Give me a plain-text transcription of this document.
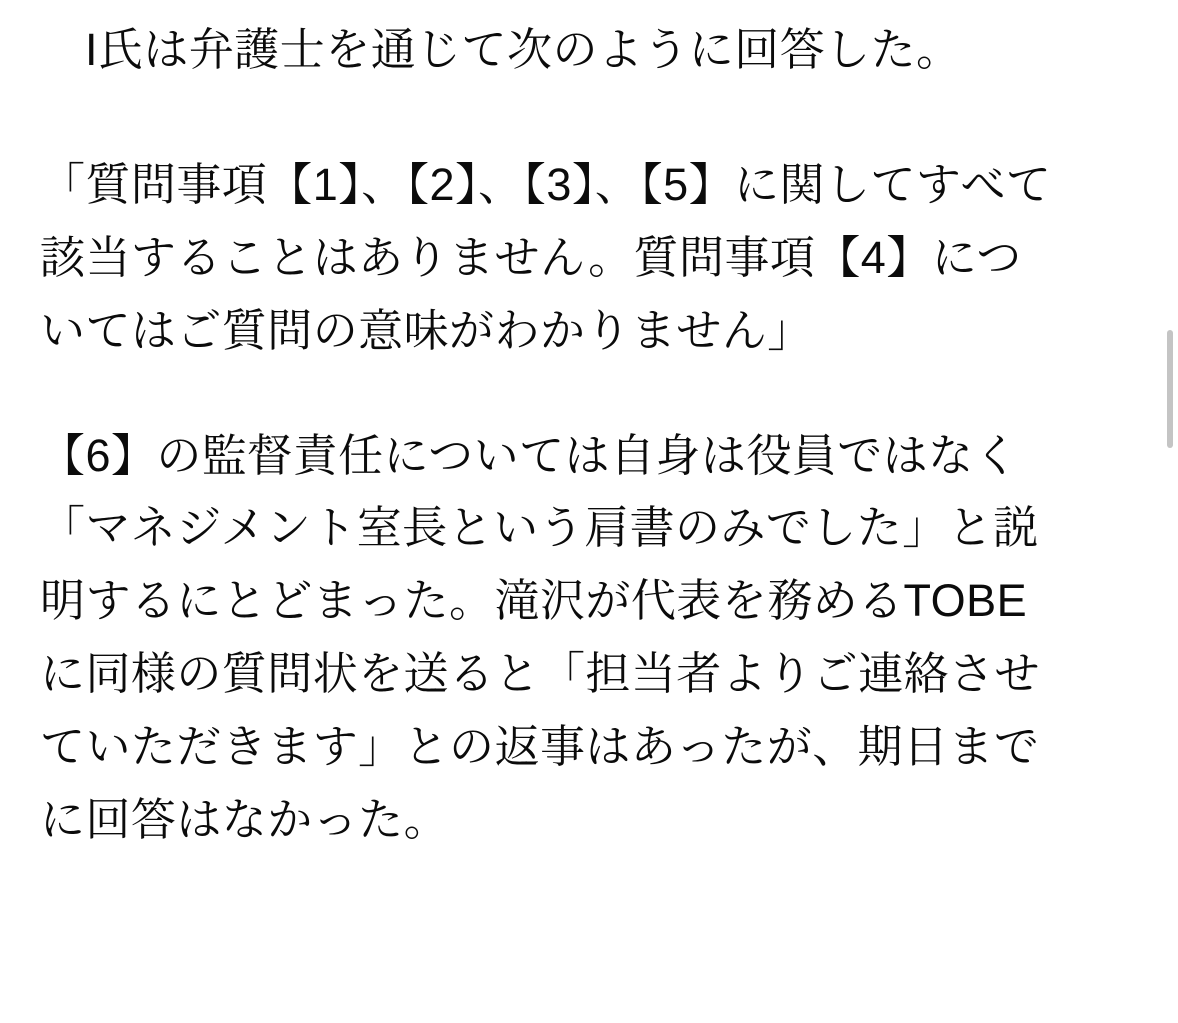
I氏は弁護士を通じて次のように回答した。

「質問事項【1】、【2】、【3】、【5】に関してすべて該当することはありません。質問事項【4】についてはご質問の意味がわかりません」

【6】の監督責任については自身は役員ではなく「マネジメント室長という肩書のみでした」と説明するにとどまった。滝沢が代表を務めるTOBEに同様の質問状を送ると「担当者よりご連絡させていただきます」との返事はあったが、期日までに回答はなかった。
